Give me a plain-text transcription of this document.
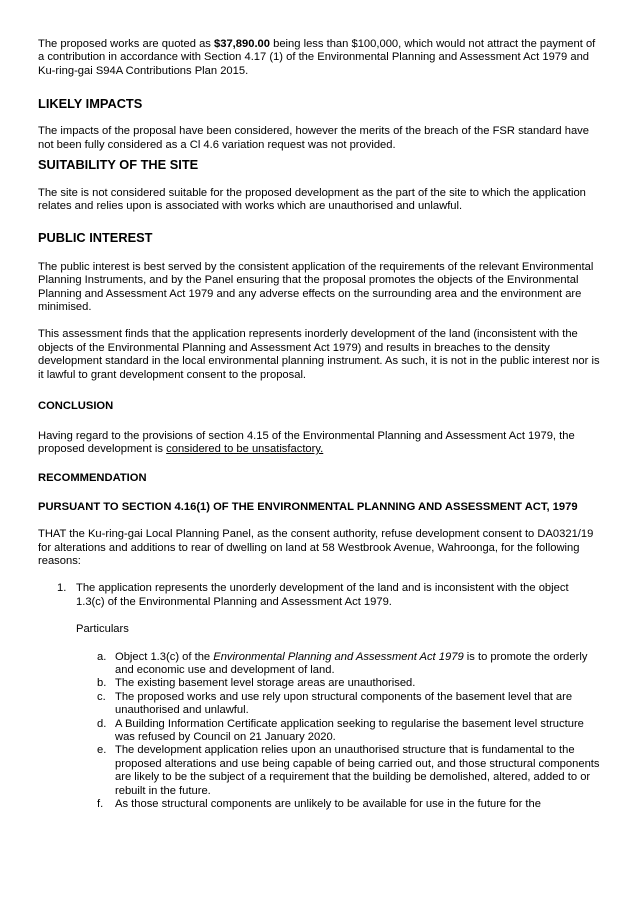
The proposed works are quoted as $37,890.00 being less than $100,000, which would not attract the payment of a contribution in accordance with Section 4.17 (1) of the Environmental Planning and Assessment Act 1979 and Ku-ring-gai S94A Contributions Plan 2015.

LIKELY IMPACTS

The impacts of the proposal have been considered, however the merits of the breach of the FSR standard have not been fully considered as a Cl 4.6 variation request was not provided.

SUITABILITY OF THE SITE

The site is not considered suitable for the proposed development as the part of the site to which the application relates and relies upon is associated with works which are unauthorised and unlawful.

PUBLIC INTEREST

The public interest is best served by the consistent application of the requirements of the relevant Environmental Planning Instruments, and by the Panel ensuring that the proposal promotes the objects of the Environmental Planning and Assessment Act 1979 and any adverse effects on the surrounding area and the environment are minimised.

This assessment finds that the application represents inorderly development of the land (inconsistent with the objects of the Environmental Planning and Assessment Act 1979) and results in breaches to the density development standard in the local environmental planning instrument. As such, it is not in the public interest nor is it lawful to grant development consent to the proposal.

CONCLUSION

Having regard to the provisions of section 4.15 of the Environmental Planning and Assessment Act 1979, the proposed development is considered to be unsatisfactory.

RECOMMENDATION
PURSUANT TO SECTION 4.16(1) OF THE ENVIRONMENTAL PLANNING AND ASSESSMENT ACT, 1979

THAT the Ku-ring-gai Local Planning Panel, as the consent authority, refuse development consent to DA0321/19 for alterations and additions to rear of dwelling on land at 58 Westbrook Avenue, Wahroonga, for the following reasons:

1. The application represents the unorderly development of the land and is inconsistent with the object 1.3(c) of the Environmental Planning and Assessment Act 1979.

Particulars

a. Object 1.3(c) of the Environmental Planning and Assessment Act 1979 is to promote the orderly and economic use and development of land.
b. The existing basement level storage areas are unauthorised.
c. The proposed works and use rely upon structural components of the basement level that are unauthorised and unlawful.
d. A Building Information Certificate application seeking to regularise the basement level structure was refused by Council on 21 January 2020.
e. The development application relies upon an unauthorised structure that is fundamental to the proposed alterations and use being capable of being carried out, and those structural components are likely to be the subject of a requirement that the building be demolished, altered, added to or rebuilt in the future.
f. As those structural components are unlikely to be available for use in the future for the
